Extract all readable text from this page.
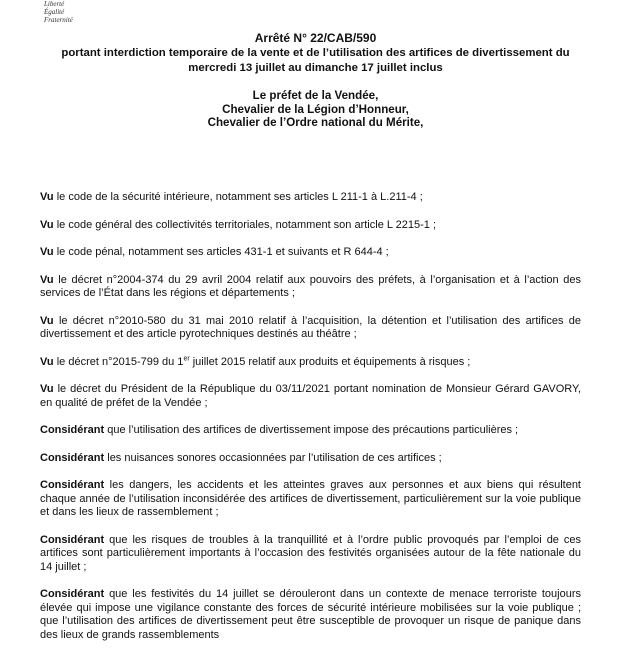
Liberté
Égalité
Fraternité
Arrêté N° 22/CAB/590
portant interdiction temporaire de la vente et de l’utilisation des artifices de divertissement du
mercredi 13 juillet au dimanche 17 juillet inclus
Le préfet de la Vendée,
Chevalier de la Légion d’Honneur,
Chevalier de l’Ordre national du Mérite,

Vu le code de la sécurité intérieure, notamment ses articles L 211-1 à L.211-4 ;

Vu le code général des collectivités territoriales, notamment son article L 2215-1 ;

Vu le code pénal, notamment ses articles 431-1 et suivants et R 644-4 ;

Vu le décret n°2004-374 du 29 avril 2004 relatif aux pouvoirs des préfets, à l’organisation et à l’action des services de l’État dans les régions et départements ;

Vu le décret n°2010-580 du 31 mai 2010 relatif à l’acquisition, la détention et l’utilisation des artifices de divertissement et des article pyrotechniques destinés au théâtre ;

Vu le décret n°2015-799 du 1er juillet 2015 relatif aux produits et équipements à risques ;

Vu le décret du Président de la République du 03/11/2021 portant nomination de Monsieur Gérard GAVORY, en qualité de préfet de la Vendée ;

Considérant que l’utilisation des artifices de divertissement impose des précautions particulières ;

Considérant les nuisances sonores occasionnées par l’utilisation de ces artifices ;

Considérant les dangers, les accidents et les atteintes graves aux personnes et aux biens qui résultent chaque année de l’utilisation inconsidérée des artifices de divertissement, particulièrement sur la voie publique et dans les lieux de rassemblement ;

Considérant que les risques de troubles à la tranquillité et à l’ordre public provoqués par l’emploi de ces artifices sont particulièrement importants à l’occasion des festivités organisées autour de la fête nationale du 14 juillet ;

Considérant que les festivités du 14 juillet se dérouleront dans un contexte de menace terroriste toujours élevée qui impose une vigilance constante des forces de sécurité intérieure mobilisées sur la voie publique ; que l’utilisation des artifices de divertissement peut être susceptible de provoquer un risque de panique dans des lieux de grands rassemblements
